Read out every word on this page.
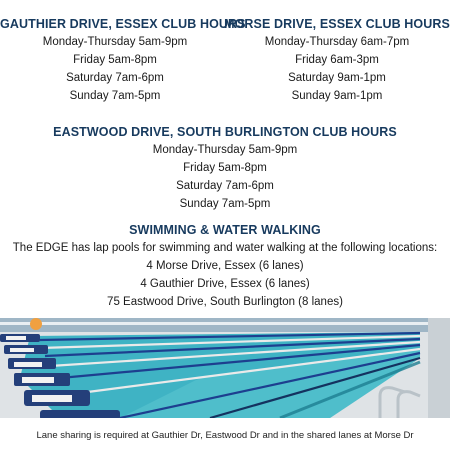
GAUTHIER DRIVE, ESSEX CLUB HOURS
Monday-Thursday 5am-9pm
Friday 5am-8pm
Saturday 7am-6pm
Sunday 7am-5pm
MORSE DRIVE, ESSEX CLUB HOURS
Monday-Thursday 6am-7pm
Friday 6am-3pm
Saturday 9am-1pm
Sunday 9am-1pm
EASTWOOD DRIVE, SOUTH BURLINGTON CLUB HOURS
Monday-Thursday 5am-9pm
Friday 5am-8pm
Saturday 7am-6pm
Sunday 7am-5pm
SWIMMING & WATER WALKING
The EDGE has lap pools for swimming and water walking at the following locations:
4 Morse Drive, Essex (6 lanes)
4 Gauthier Drive, Essex (6 lanes)
75 Eastwood Drive, South Burlington (8 lanes)
Lane sharing is required at Gauthier Dr, Eastwood Dr and in the shared lanes at Morse Dr
